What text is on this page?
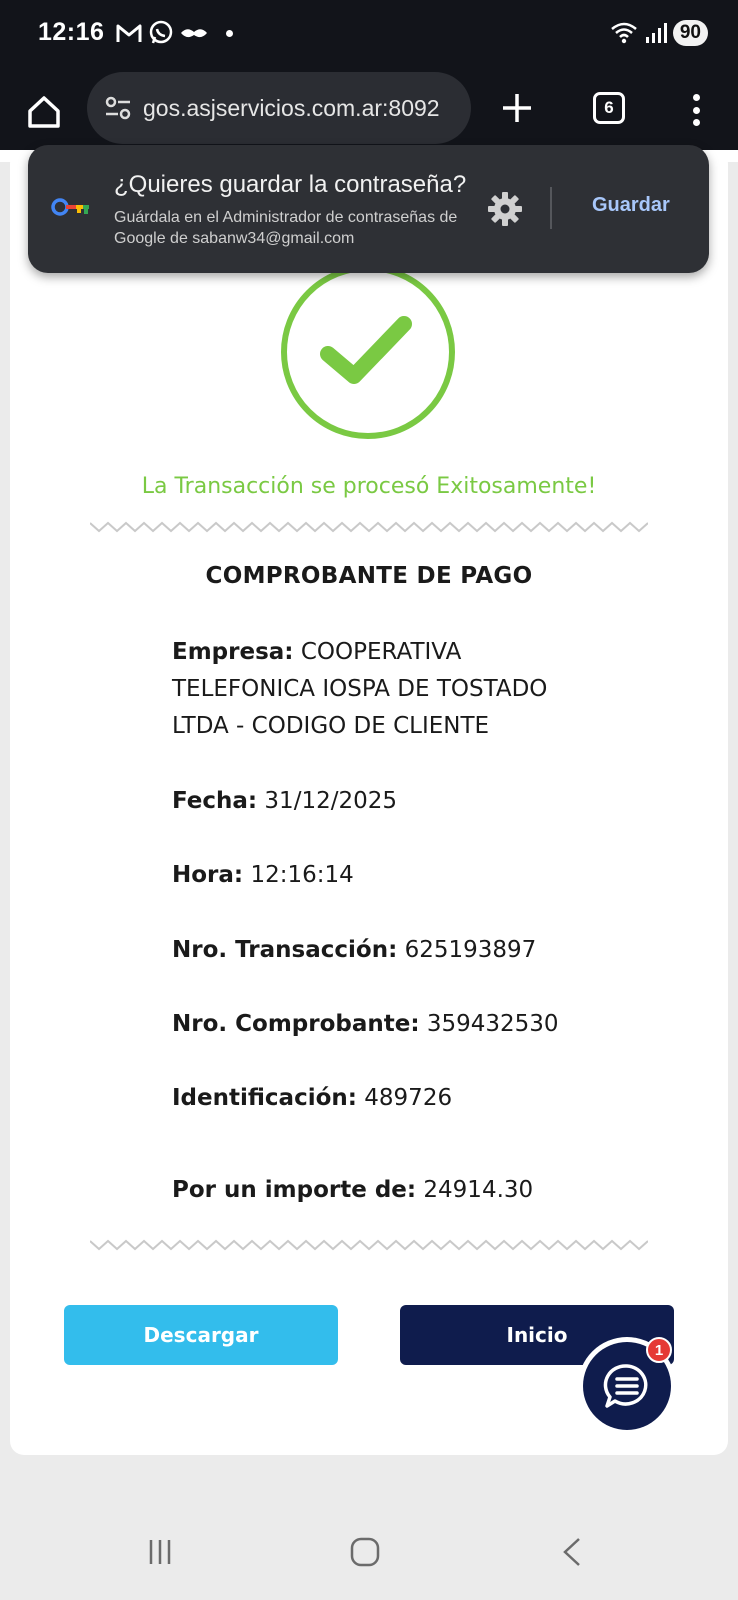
12:16	90
gos.asjservicios.com.ar:8092	6
¿Quieres guardar la contraseña?
Guárdala en el Administrador de contraseñas de Google de sabanw34@gmail.com
Guardar
La Transacción se procesó Exitosamente!
COMPROBANTE DE PAGO
Empresa: COOPERATIVA TELEFONICA IOSPA DE TOSTADO LTDA - CODIGO DE CLIENTE
Fecha: 31/12/2025
Hora: 12:16:14
Nro. Transacción: 625193897
Nro. Comprobante: 359432530
Identificación: 489726
Por un importe de: 24914.30
Descargar	Inicio
1
